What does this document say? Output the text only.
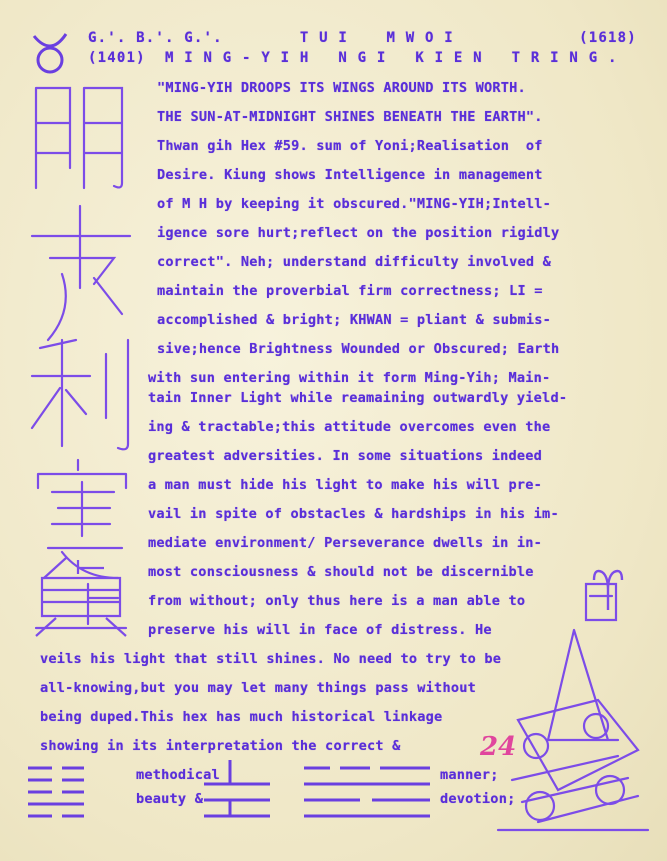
G.'. B.'. G.'.        T U I    M W O I             (1618)
(1401)  M I N G - Y I H   N G I   K I E N   T R I N G .
"MING-YIH DROOPS ITS WINGS AROUND ITS WORTH.
THE SUN-AT-MIDNIGHT SHINES BENEATH THE EARTH".
Thwan gih Hex #59. sum of Yoni;Realisation  of
Desire. Kiung shows Intelligence in management
of M H by keeping it obscured."MING-YIH;Intell-
igence sore hurt;reflect on the position rigidly
correct". Neh; understand difficulty involved &
maintain the proverbial firm correctness; LI =
accomplished & bright; KHWAN = pliant & submis-
sive;hence Brightness Wounded or Obscured; Earth
with sun entering within it form Ming-Yih; Main-
tain Inner Light while reamaining outwardly yield-
ing & tractable;this attitude overcomes even the
greatest adversities. In some situations indeed
a man must hide his light to make his will pre-
vail in spite of obstacles & hardships in his im-
mediate environment/ Perseverance dwells in in-
most consciousness & should not be discernible
from without; only thus here is a man able to
preserve his will in face of distress. He
veils his light that still shines. No need to try to be
all-knowing,but you may let many things pass without
being duped.This hex has much historical linkage
showing in its interpretation the correct &
methodical
beauty &
manner;
devotion;
24
